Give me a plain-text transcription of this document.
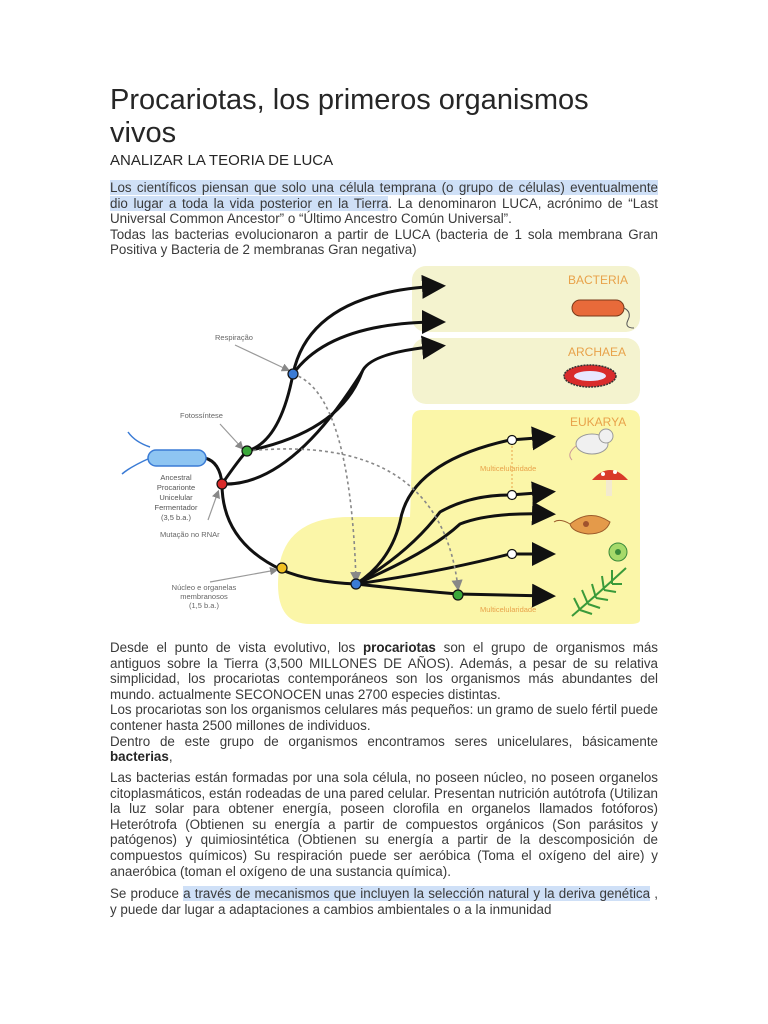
Procariotas, los primeros organismos vivos
ANALIZAR LA TEORIA DE LUCA

Los científicos piensan que solo una célula temprana (o grupo de células) eventualmente dio lugar a toda la vida posterior en la Tierra. La denominaron LUCA, acrónimo de “Last Universal Common Ancestor” o “Último Ancestro Común Universal”.
Todas las bacterias evolucionaron a partir de LUCA (bacteria de 1 sola membrana Gran Positiva y Bacteria de 2 membranas Gran negativa)

Desde el punto de vista evolutivo, los procariotas son el grupo de organismos más antiguos sobre la Tierra (3,500 MILLONES DE AÑOS). Además, a pesar de su relativa simplicidad, los procariotas contemporáneos son los organismos más abundantes del mundo. actualmente SECONOCEN unas 2700 especies distintas.
Los procariotas son los organismos celulares más pequeños: un gramo de suelo fértil puede contener hasta 2500 millones de individuos.
Dentro de este grupo de organismos encontramos seres unicelulares, básicamente bacterias,

Las bacterias están formadas por una sola célula, no poseen núcleo, no poseen organelos citoplasmáticos, están rodeadas de una pared celular. Presentan nutrición autótrofa (Utilizan la luz solar para obtener energía, poseen clorofila en organelos llamados fotóforos) Heterótrofa (Obtienen su energía a partir de compuestos orgánicos (Son parásitos y patógenos) y quimiosintética (Obtienen su energía a partir de la descomposición de compuestos químicos) Su respiración puede ser aeróbica (Toma el oxígeno del aire) y anaeróbica (toman el oxígeno de una sustancia química).

Se produce a través de mecanismos que incluyen la selección natural y la deriva genética , y puede dar lugar a adaptaciones a cambios ambientales o a la inmunidad

BACTERIA
ARCHAEA
EUKARYA
Ancestral
Procarionte
Unicelular
Fermentador
(3,5 b.a.)
Respiração
Fotossíntese
Mutação no RNAr
Núcleo e organelas
membranosos
(1,5 b.a.)
Multicelularidade
Multicelularidade
